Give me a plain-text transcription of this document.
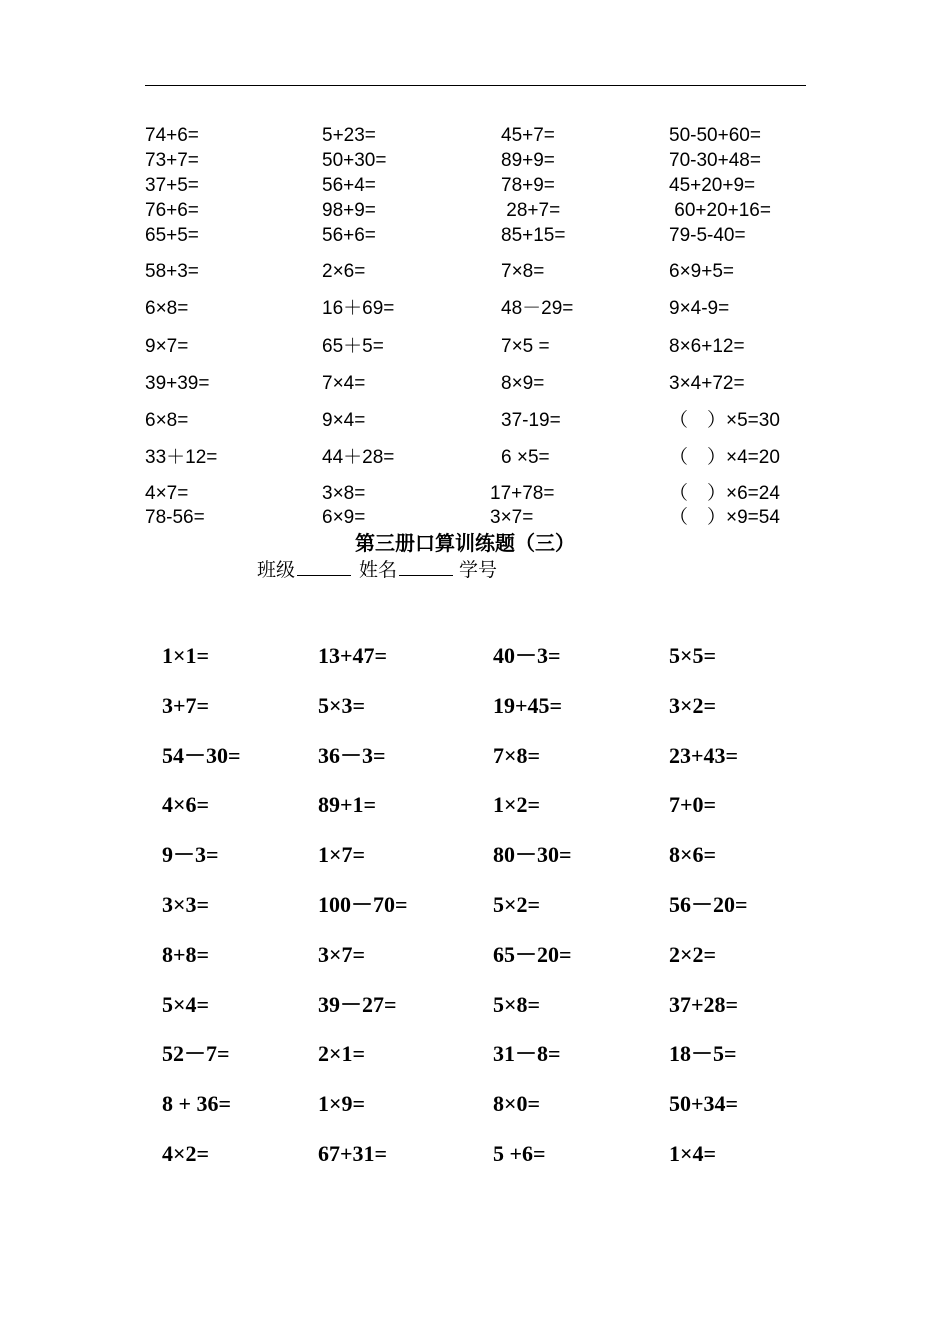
74+6=	5+23=	45+7=	50-50+60=
73+7=	50+30=	89+9=	70-30+48=
37+5=	56+4=	78+9=	45+20+9=
76+6=	98+9=	28+7=	60+20+16=
65+5=	56+6=	85+15=	79-5-40=
58+3=	2×6=	7×8=	6×9+5=
6×8=	16＋69=	48－29=	9×4-9=
9×7=	65＋5=	7×5 =	8×6+12=
39+39=	7×4=	8×9=	3×4+72=
6×8=	9×4=	37-19=	（　）×5=30
33＋12=	44＋28=	6 ×5=	（　）×4=20
4×7=	3×8=	17+78=	（　）×6=24
78-56=	6×9=	3×7=	（　）×9=54
第三册口算训练题（三）
班级	姓名	学号
1×1=	13+47=	40－3=	5×5=
3+7=	5×3=	19+45=	3×2=
54－30=	36－3=	7×8=	23+43=
4×6=	89+1=	1×2=	7+0=
9－3=	1×7=	80－30=	8×6=
3×3=	100－70=	5×2=	56－20=
8+8=	3×7=	65－20=	2×2=
5×4=	39－27=	5×8=	37+28=
52－7=	2×1=	31－8=	18－5=
8 + 36=	1×9=	8×0=	50+34=
4×2=	67+31=	5 +6=	1×4=
